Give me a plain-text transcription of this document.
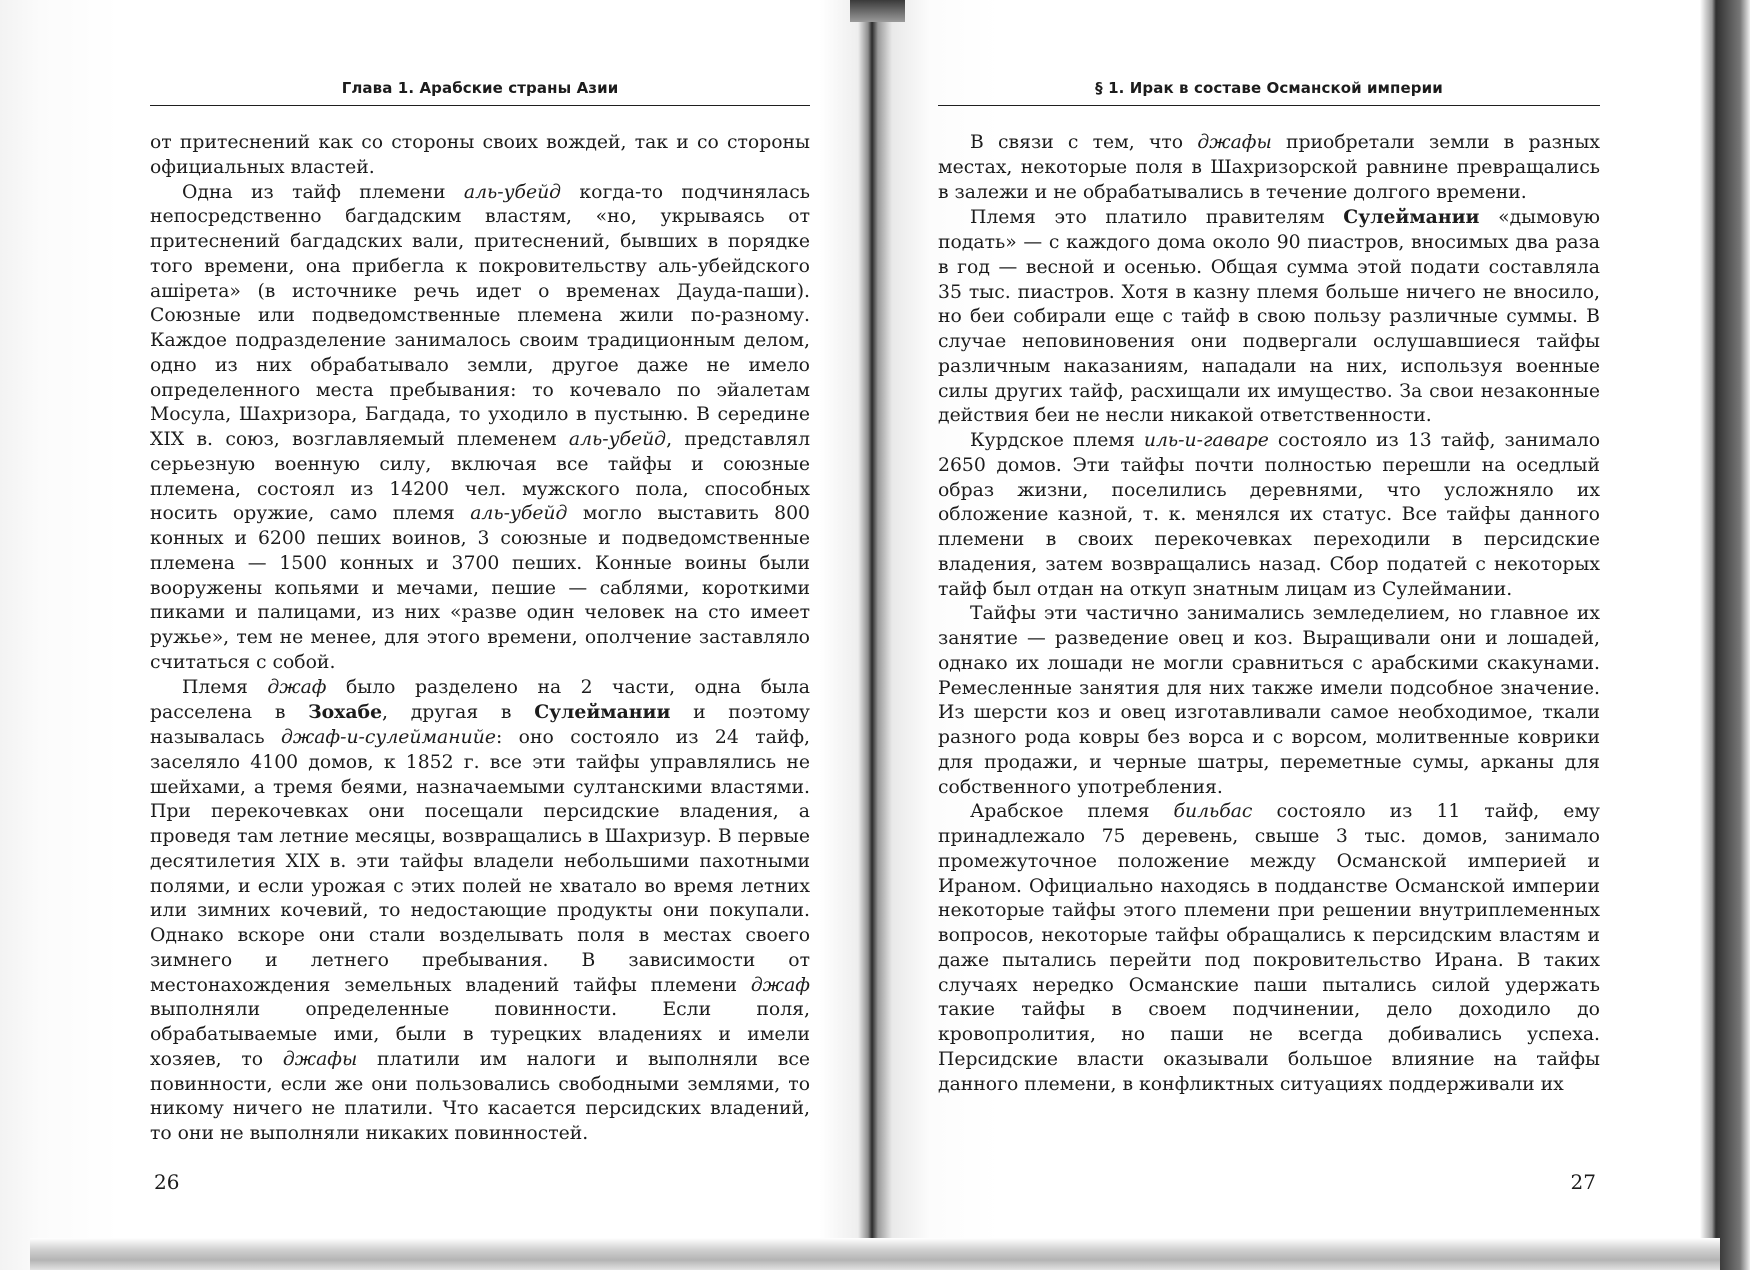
Глава 1. Арабские страны Азии

от притеснений как со стороны своих вождей, так и со стороны официальных властей.

Одна из тайф племени аль-убейд когда-то подчинялась непосредственно багдадским властям, «но, укрываясь от притеснений багдадских вали, притеснений, бывших в порядке того времени, она прибегла к покровительству аль-убейдского ашірета» (в источнике речь идет о временах Дауда-паши). Союзные или подведомственные племена жили по-разному. Каждое подразделение занималось своим традиционным делом, одно из них обрабатывало земли, другое даже не имело определенного места пребывания: то кочевало по эйалетам Мосула, Шахризора, Багдада, то уходило в пустыню. В середине XIX в. союз, возглавляемый племенем аль-убейд, представлял серьезную военную силу, включая все тайфы и союзные племена, состоял из 14200 чел. мужского пола, способных носить оружие, само племя аль-убейд могло выставить 800 конных и 6200 пеших воинов, 3 союзные и подведомственные племена — 1500 конных и 3700 пеших. Конные воины были вооружены копьями и мечами, пешие — саблями, короткими пиками и палицами, из них «разве один человек на сто имеет ружье», тем не менее, для этого времени, ополчение заставляло считаться с собой.

Племя джаф было разделено на 2 части, одна была расселена в Зохабе, другая в Сулеймании и поэтому называлась джаф-и-сулейманийе: оно состояло из 24 тайф, заселяло 4100 домов, к 1852 г. все эти тайфы управлялись не шейхами, а тремя беями, назначаемыми султанскими властями. При перекочевках они посещали персидские владения, а проведя там летние месяцы, возвращались в Шахризур. В первые десятилетия XIX в. эти тайфы владели небольшими пахотными полями, и если урожая с этих полей не хватало во время летних или зимних кочевий, то недостающие продукты они покупали. Однако вскоре они стали возделывать поля в местах своего зимнего и летнего пребывания. В зависимости от местонахождения земельных владений тайфы племени джаф выполняли определенные повинности. Если поля, обрабатываемые ими, были в турецких владениях и имели хозяев, то джафы платили им налоги и выполняли все повинности, если же они пользовались свободными землями, то никому ничего не платили. Что касается персидских владений, то они не выполняли никаких повинностей.

26
§ 1. Ирак в составе Османской империи

В связи с тем, что джафы приобретали земли в разных местах, некоторые поля в Шахризорской равнине превращались в залежи и не обрабатывались в течение долгого времени.

Племя это платило правителям Сулеймании «дымовую подать» — с каждого дома около 90 пиастров, вносимых два раза в год — весной и осенью. Общая сумма этой подати составляла 35 тыс. пиастров. Хотя в казну племя больше ничего не вносило, но беи собирали еще с тайф в свою пользу различные суммы. В случае неповиновения они подвергали ослушавшиеся тайфы различным наказаниям, нападали на них, используя военные силы других тайф, расхищали их имущество. За свои незаконные действия беи не несли никакой ответственности.

Курдское племя иль-и-гаваре состояло из 13 тайф, занимало 2650 домов. Эти тайфы почти полностью перешли на оседлый образ жизни, поселились деревнями, что усложняло их обложение казной, т. к. менялся их статус. Все тайфы данного племени в своих перекочевках переходили в персидские владения, затем возвращались назад. Сбор податей с некоторых тайф был отдан на откуп знатным лицам из Сулеймании.

Тайфы эти частично занимались земледелием, но главное их занятие — разведение овец и коз. Выращивали они и лошадей, однако их лошади не могли сравниться с арабскими скакунами. Ремесленные занятия для них также имели подсобное значение. Из шерсти коз и овец изготавливали самое необходимое, ткали разного рода ковры без ворса и с ворсом, молитвенные коврики для продажи, и черные шатры, переметные сумы, арканы для собственного употребления.

Арабское племя бильбас состояло из 11 тайф, ему принадлежало 75 деревень, свыше 3 тыс. домов, занимало промежуточное положение между Османской империей и Ираном. Официально находясь в подданстве Османской империи некоторые тайфы этого племени при решении внутриплеменных вопросов, некоторые тайфы обращались к персидским властям и даже пытались перейти под покровительство Ирана. В таких случаях нередко Османские паши пытались силой удержать такие тайфы в своем подчинении, дело доходило до кровопролития, но паши не всегда добивались успеха. Персидские власти оказывали большое влияние на тайфы данного племени, в конфликтных ситуациях поддерживали их

27
